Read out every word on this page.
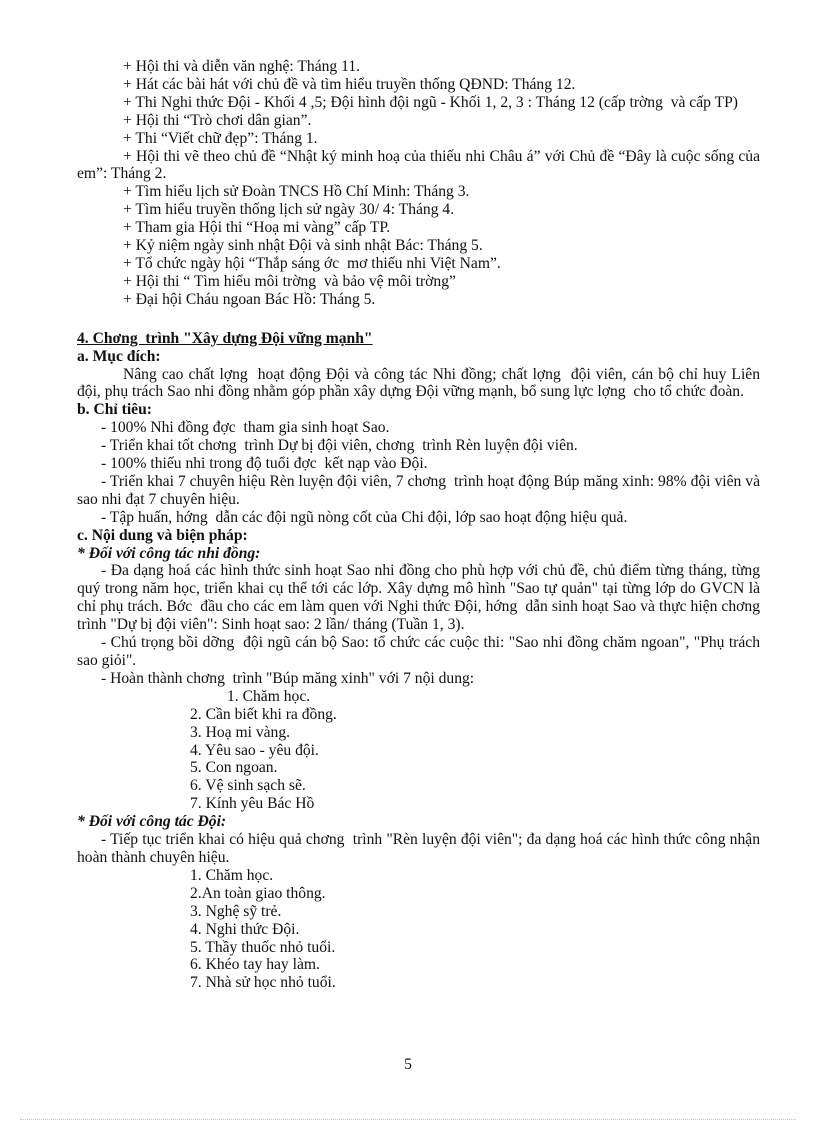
+ Hội thi và diễn văn nghệ: Tháng 11.

+ Hát các bài hát với chủ đề và tìm hiểu truyền thống QĐND: Tháng 12.

+ Thi Nghi thức Đội - Khối 4 ,5; Đội hình đội ngũ - Khối 1, 2, 3 : Tháng 12 (cấp trờng  và cấp TP)

+ Hội thi “Trò chơi dân gian”.

+ Thi “Viết chữ đẹp”: Tháng 1.

+ Hội thi vẽ theo chủ đề “Nhật ký minh hoạ của thiếu nhi Châu á” với Chủ đề “Đây là cuộc sống của em”: Tháng 2.

+ Tìm hiểu lịch sử Đoàn TNCS Hồ Chí Minh: Tháng 3.

+ Tìm hiểu truyền thống lịch sử ngày 30/ 4: Tháng 4.

+ Tham gia Hội thi “Hoạ mi vàng” cấp TP.

+ Kỷ niệm ngày sinh nhật Đội và sinh nhật Bác: Tháng 5.

+ Tổ chức ngày hội “Thắp sáng ớc  mơ thiếu nhi Việt Nam”.

+ Hội thi “ Tìm hiểu môi trờng  và bảo vệ môi trờng”

+ Đại hội Cháu ngoan Bác Hồ: Tháng 5.

4. Chơng  trình "Xây dựng Đội vững mạnh"

a. Mục đích:

Nâng cao chất lợng  hoạt động Đội và công tác Nhi đồng; chất lợng  đội viên, cán bộ chỉ huy Liên đội, phụ trách Sao nhi đồng nhằm góp phần xây dựng Đội vững mạnh, bổ sung lực lợng  cho tổ chức đoàn.

b. Chỉ tiêu:

- 100% Nhi đồng đợc  tham gia sinh hoạt Sao.

- Triển khai tốt chơng  trình Dự bị đội viên, chơng  trình Rèn luyện đội viên.

- 100% thiếu nhi trong độ tuổi đợc  kết nạp vào Đội.

- Triển khai 7 chuyên hiệu Rèn luyện đội viên, 7 chơng  trình hoạt động Búp măng xinh: 98% đội viên và sao nhi đạt 7 chuyên hiệu.

- Tập huấn, hớng  dẫn các đội ngũ nòng cốt của Chi đội, lớp sao hoạt động hiệu quả.

c. Nội dung và biện pháp:

* Đối với công tác nhi đồng:

- Đa dạng hoá các hình thức sinh hoạt Sao nhi đồng cho phù hợp với chủ đề, chủ điểm từng tháng, từng quý trong năm học, triển khai cụ thể tới các lớp. Xây dựng mô hình "Sao tự quản" tại từng lớp do GVCN là chỉ phụ trách. Bớc  đầu cho các em làm quen với Nghi thức Đội, hớng  dẫn sinh hoạt Sao và thực hiện chơng  trình "Dự bị đội viên": Sinh hoạt sao: 2 lần/ tháng (Tuần 1, 3).

- Chú trọng bồi dỡng  đội ngũ cán bộ Sao: tổ chức các cuộc thi: "Sao nhi đồng chăm ngoan", "Phụ trách sao giỏi".

- Hoàn thành chơng  trình "Búp măng xinh" với 7 nội dung:

1. Chăm học.

2. Cần biết khi ra đồng.

3. Hoạ mi vàng.

4. Yêu sao - yêu đội.

5. Con ngoan.

6. Vệ sinh sạch sẽ.

7. Kính yêu Bác Hồ

* Đối với công tác Đội:

- Tiếp tục triển khai có hiệu quả chơng  trình "Rèn luyện đội viên"; đa dạng hoá các hình thức công nhận hoàn thành chuyên hiệu.

1. Chăm học.

2.An toàn giao thông.

3. Nghệ sỹ trẻ.

4. Nghi thức Đội.

5. Thầy thuốc nhỏ tuổi.

6. Khéo tay hay làm.

7. Nhà sử học nhỏ tuổi.

5
